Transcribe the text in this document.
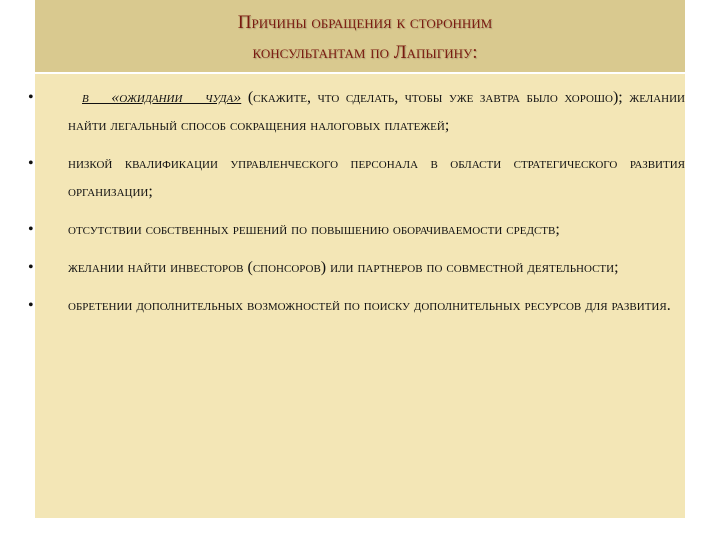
Причины обращения к сторонним
консультантам по Лапыгину:
•	в «ожидании чуда» (скажите, что сделать, чтобы уже завтра было хорошо); желании найти легальный способ сокращения налоговых платежей;
• низкой квалификации управленческого персонала в области стратегического развития организации;
• отсутствии собственных решений по повышению оборачиваемости средств;
• желании найти инвесторов (спонсоров) или партнеров по совместной деятельности;
• обретении дополнительных возможностей по поиску дополнительных ресурсов для развития.
